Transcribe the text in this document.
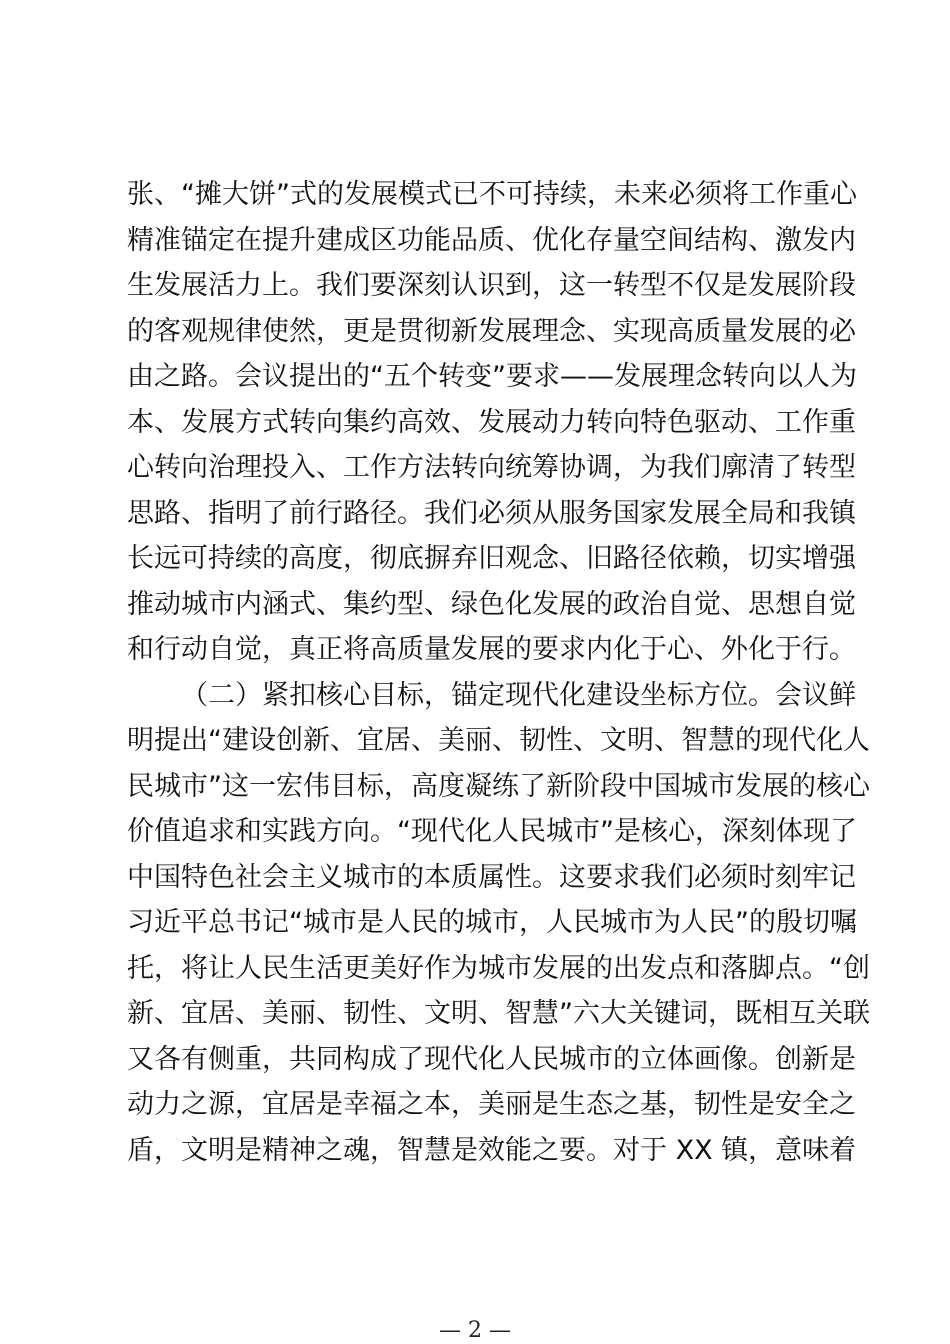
张、“摊大饼”式的发展模式已不可持续，未来必须将工作重心
精准锚定在提升建成区功能品质、优化存量空间结构、激发内
生发展活力上。我们要深刻认识到，这一转型不仅是发展阶段
的客观规律使然，更是贯彻新发展理念、实现高质量发展的必
由之路。会议提出的“五个转变”要求——发展理念转向以人为
本、发展方式转向集约高效、发展动力转向特色驱动、工作重
心转向治理投入、工作方法转向统筹协调，为我们廓清了转型
思路、指明了前行路径。我们必须从服务国家发展全局和我镇
长远可持续的高度，彻底摒弃旧观念、旧路径依赖，切实增强
推动城市内涵式、集约型、绿色化发展的政治自觉、思想自觉
和行动自觉，真正将高质量发展的要求内化于心、外化于行。
（二）紧扣核心目标，锚定现代化建设坐标方位。会议鲜
明提出“建设创新、宜居、美丽、韧性、文明、智慧的现代化人
民城市”这一宏伟目标，高度凝练了新阶段中国城市发展的核心
价值追求和实践方向。“现代化人民城市”是核心，深刻体现了
中国特色社会主义城市的本质属性。这要求我们必须时刻牢记
习近平总书记“城市是人民的城市，人民城市为人民”的殷切嘱
托，将让人民生活更美好作为城市发展的出发点和落脚点。“创
新、宜居、美丽、韧性、文明、智慧”六大关键词，既相互关联
又各有侧重，共同构成了现代化人民城市的立体画像。创新是
动力之源，宜居是幸福之本，美丽是生态之基，韧性是安全之
盾，文明是精神之魂，智慧是效能之要。对于 XX 镇，意味着
— 2 —
